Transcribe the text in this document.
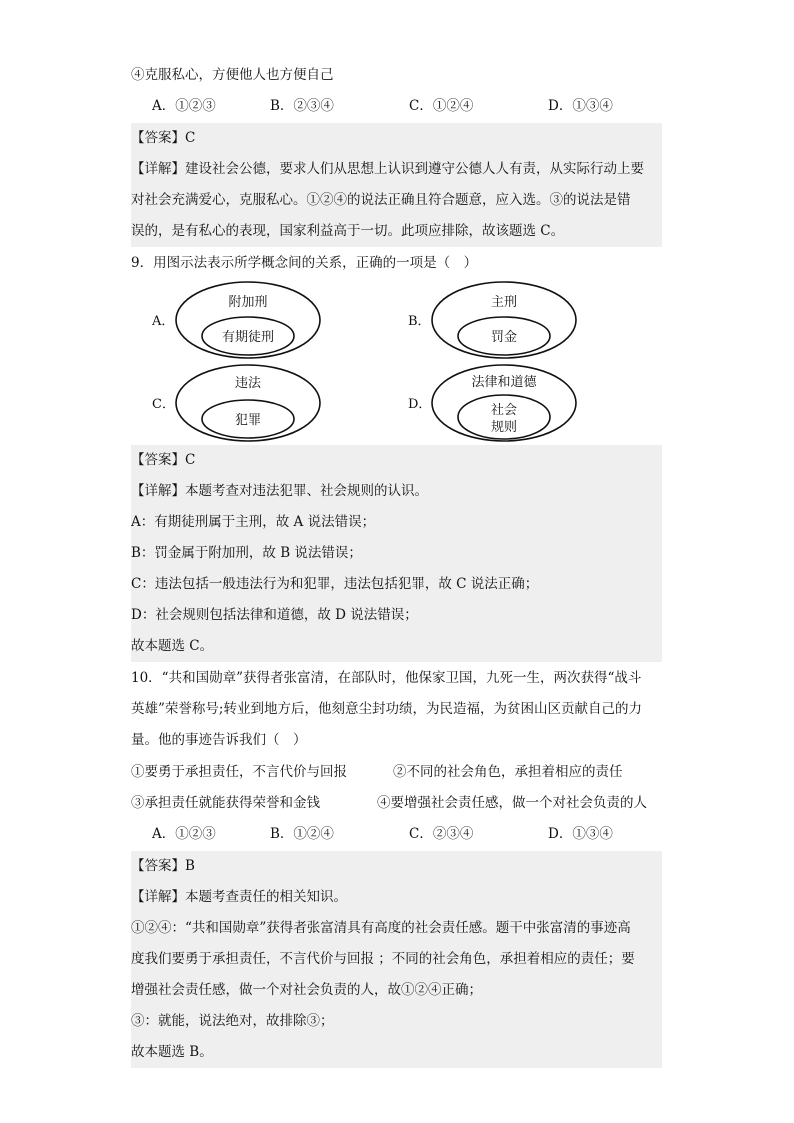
④克服私心，方便他人也方便自己
A．①②③	B．②③④	C．①②④	D．①③④
【答案】C
【详解】建设社会公德，要求人们从思想上认识到遵守公德人人有责，从实际行动上要
对社会充满爱心，克服私心。①②④的说法正确且符合题意，应入选。③的说法是错
误的，是有私心的表现，国家利益高于一切。此项应排除，故该题选 C。
9．用图示法表示所学概念间的关系，正确的一项是（　）
A．
附加刑
有期徒刑
B．
主刑
罚金
C．
违法
犯罪
D．
法律和道德
社会
规则
【答案】C
【详解】本题考查对违法犯罪、社会规则的认识。
A：有期徒刑属于主刑，故 A 说法错误；
B：罚金属于附加刑，故 B 说法错误；
C：违法包括一般违法行为和犯罪，违法包括犯罪，故 C 说法正确；
D：社会规则包括法律和道德，故 D 说法错误；
故本题选 C。
10．“共和国勋章”获得者张富清，在部队时，他保家卫国，九死一生，两次获得“战斗
英雄”荣誉称号;转业到地方后，他刻意尘封功绩，为民造福，为贫困山区贡献自己的力
量。他的事迹告诉我们（　）
①要勇于承担责任，不言代价与回报	②不同的社会角色，承担着相应的责任
③承担责任就能获得荣誉和金钱	④要增强社会责任感，做一个对社会负责的人
A．①②③	B．①②④	C．②③④	D．①③④
【答案】B
【详解】本题考查责任的相关知识。
①②④：“共和国勋章”获得者张富清具有高度的社会责任感。题干中张富清的事迹高
度我们要勇于承担责任，不言代价与回报 ；不同的社会角色，承担着相应的责任；要
增强社会责任感，做一个对社会负责的人，故①②④正确；
③：就能，说法绝对，故排除③；
故本题选 B。
